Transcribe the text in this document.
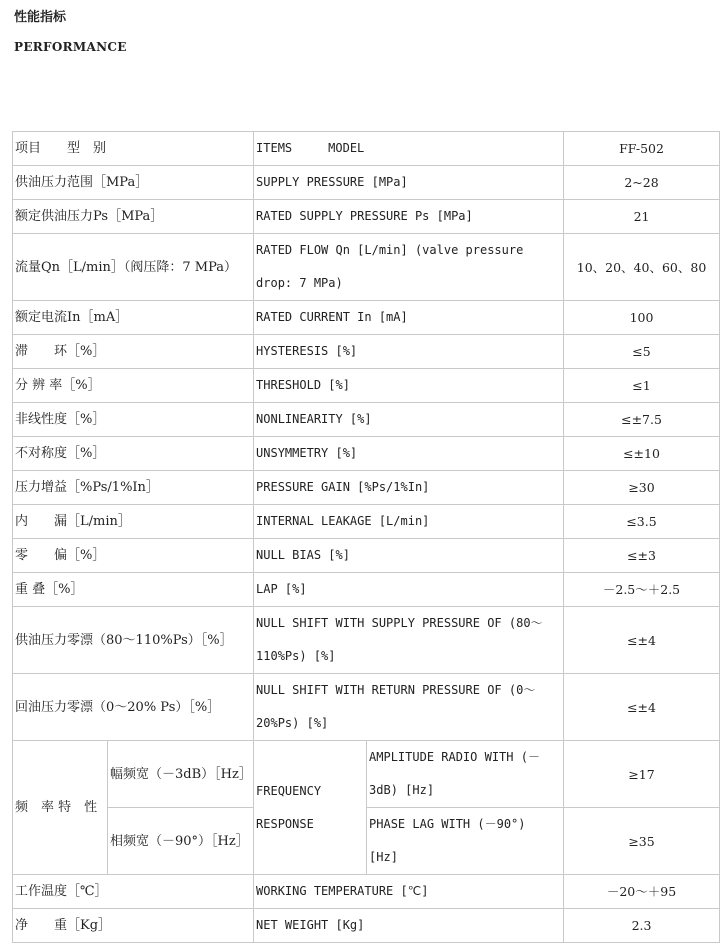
性能指标
PERFORMANCE
项目　　型　别		ITEMS　　　MODEL		FF-502
供油压力范围［MPa］		SUPPLY PRESSURE [MPa]		2~28
额定供油压力Ps［MPa］		RATED SUPPLY PRESSURE Ps [MPa]		21
流量Qn［L/min］（阀压降：7 MPa）		RATED FLOW Qn [L/min] (valve pressure drop: 7 MPa)		10、20、40、60、80
额定电流In［mA］		RATED CURRENT In [mA]		100
滞　　环［%］		HYSTERESIS [%]		≤5
分 辨 率［%］		THRESHOLD [%]		≤1
非线性度［%］		NONLINEARITY [%]		≤±7.5
不对称度［%］		UNSYMMETRY [%]		≤±10
压力增益［%Ps/1%In］		PRESSURE GAIN [%Ps/1%In]		≥30
内　　漏［L/min］		INTERNAL LEAKAGE [L/min]		≤3.5
零　　偏［%］		NULL BIAS [%]		≤±3
重 叠［%］		LAP [%]		－2.5～＋2.5
供油压力零漂（80～110%Ps）［%］		NULL SHIFT WITH SUPPLY PRESSURE OF (80～110%Ps) [%]		≤±4
回油压力零漂（0～20% Ps）［%］		NULL SHIFT WITH RETURN PRESSURE OF (0～20%Ps) [%]		≤±4
频　率 特　性	幅频宽（－3dB）［Hz］	FREQUENCY RESPONSE	AMPLITUDE RADIO WITH (－3dB) [Hz]	≥17
	相频宽（－90°）［Hz］		PHASE LAG WITH (－90°) [Hz]	≥35
工作温度［℃］		WORKING TEMPERATURE [℃]		－20～＋95
净　　重［Kg］		NET WEIGHT [Kg]		2.3
